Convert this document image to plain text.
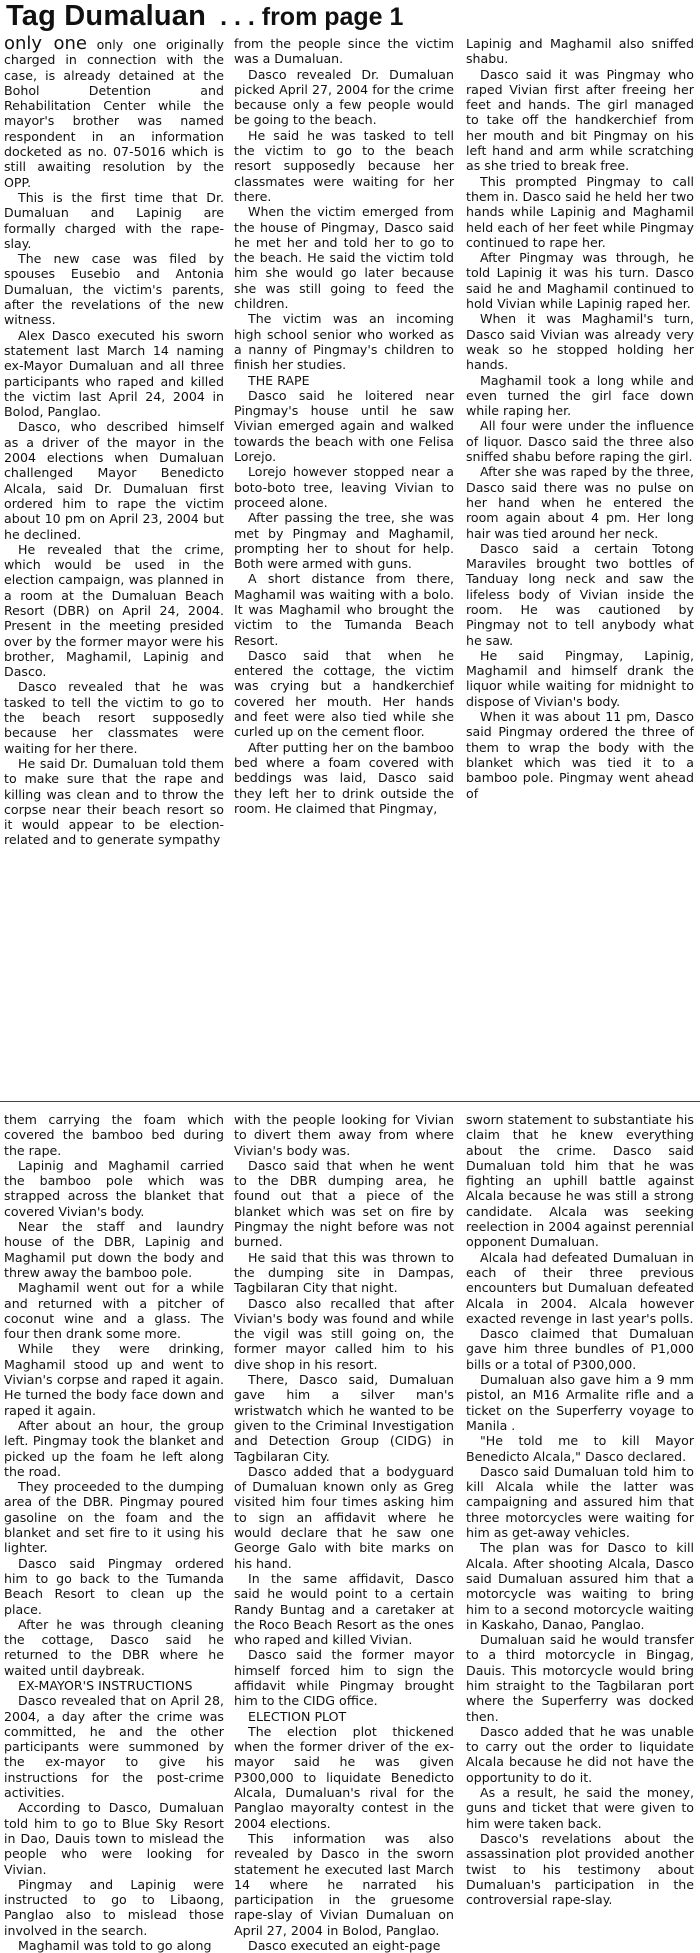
Tag Dumaluan . . . from page 1

only one only one originally charged in connection with the case, is already detained at the Bohol Detention and Rehabilitation Center while the mayor's brother was named respondent in an information docketed as no. 07-5016 which is still awaiting resolution by the OPP.

This is the first time that Dr. Dumaluan and Lapinig are formally charged with the rape-slay.

The new case was filed by spouses Eusebio and Antonia Dumaluan, the victim's parents, after the revelations of the new witness.

Alex Dasco executed his sworn statement last March 14 naming ex-Mayor Dumaluan and all three participants who raped and killed the victim last April 24, 2004 in Bolod, Panglao.

Dasco, who described himself as a driver of the mayor in the 2004 elections when Dumaluan challenged Mayor Benedicto Alcala, said Dr. Dumaluan first ordered him to rape the victim about 10 pm on April 23, 2004 but he declined.

He revealed that the crime, which would be used in the election campaign, was planned in a room at the Dumaluan Beach Resort (DBR) on April 24, 2004. Present in the meeting presided over by the former mayor were his brother, Maghamil, Lapinig and Dasco.

Dasco revealed that he was tasked to tell the victim to go to the beach resort supposedly because her classmates were waiting for her there.

He said Dr. Dumaluan told them to make sure that the rape and killing was clean and to throw the corpse near their beach resort so it would appear to be election-related and to generate sympathy

from the people since the victim was a Dumaluan.

Dasco revealed Dr. Dumaluan picked April 27, 2004 for the crime because only a few people would be going to the beach.

He said he was tasked to tell the victim to go to the beach resort supposedly because her classmates were waiting for her there.

When the victim emerged from the house of Pingmay, Dasco said he met her and told her to go to the beach. He said the victim told him she would go later because she was still going to feed the children.

The victim was an incoming high school senior who worked as a nanny of Pingmay's children to finish her studies.

THE RAPE

Dasco said he loitered near Pingmay's house until he saw Vivian emerged again and walked towards the beach with one Felisa Lorejo.

Lorejo however stopped near a boto-boto tree, leaving Vivian to proceed alone.

After passing the tree, she was met by Pingmay and Maghamil, prompting her to shout for help. Both were armed with guns.

A short distance from there, Maghamil was waiting with a bolo. It was Maghamil who brought the victim to the Tumanda Beach Resort.

Dasco said that when he entered the cottage, the victim was crying but a handkerchief covered her mouth. Her hands and feet were also tied while she curled up on the cement floor.

After putting her on the bamboo bed where a foam covered with beddings was laid, Dasco said they left her to drink outside the room. He claimed that Pingmay,

Lapinig and Maghamil also sniffed shabu.

Dasco said it was Pingmay who raped Vivian first after freeing her feet and hands. The girl managed to take off the handkerchief from her mouth and bit Pingmay on his left hand and arm while scratching as she tried to break free.

This prompted Pingmay to call them in. Dasco said he held her two hands while Lapinig and Maghamil held each of her feet while Pingmay continued to rape her.

After Pingmay was through, he told Lapinig it was his turn. Dasco said he and Maghamil continued to hold Vivian while Lapinig raped her.

When it was Maghamil's turn, Dasco said Vivian was already very weak so he stopped holding her hands.

Maghamil took a long while and even turned the girl face down while raping her.

All four were under the influence of liquor. Dasco said the three also sniffed shabu before raping the girl.

After she was raped by the three, Dasco said there was no pulse on her hand when he entered the room again about 4 pm. Her long hair was tied around her neck.

Dasco said a certain Totong Maraviles brought two bottles of Tanduay long neck and saw the lifeless body of Vivian inside the room. He was cautioned by Pingmay not to tell anybody what he saw.

He said Pingmay, Lapinig, Maghamil and himself drank the liquor while waiting for midnight to dispose of Vivian's body.

When it was about 11 pm, Dasco said Pingmay ordered the three of them to wrap the body with the blanket which was tied it to a bamboo pole. Pingmay went ahead of

them carrying the foam which covered the bamboo bed during the rape.

Lapinig and Maghamil carried the bamboo pole which was strapped across the blanket that covered Vivian's body.

Near the staff and laundry house of the DBR, Lapinig and Maghamil put down the body and threw away the bamboo pole.

Maghamil went out for a while and returned with a pitcher of coconut wine and a glass. The four then drank some more.

While they were drinking, Maghamil stood up and went to Vivian's corpse and raped it again. He turned the body face down and raped it again.

After about an hour, the group left. Pingmay took the blanket and picked up the foam he left along the road.

They proceeded to the dumping area of the DBR. Pingmay poured gasoline on the foam and the blanket and set fire to it using his lighter.

Dasco said Pingmay ordered him to go back to the Tumanda Beach Resort to clean up the place.

After he was through cleaning the cottage, Dasco said he returned to the DBR where he waited until daybreak.

EX-MAYOR'S INSTRUCTIONS

Dasco revealed that on April 28, 2004, a day after the crime was committed, he and the other participants were summoned by the ex-mayor to give his instructions for the post-crime activities.

According to Dasco, Dumaluan told him to go to Blue Sky Resort in Dao, Dauis town to mislead the people who were looking for Vivian.

Pingmay and Lapinig were instructed to go to Libaong, Panglao also to mislead those involved in the search.

Maghamil was told to go along

with the people looking for Vivian to divert them away from where Vivian's body was.

Dasco said that when he went to the DBR dumping area, he found out that a piece of the blanket which was set on fire by Pingmay the night before was not burned.

He said that this was thrown to the dumping site in Dampas, Tagbilaran City that night.

Dasco also recalled that after Vivian's body was found and while the vigil was still going on, the former mayor called him to his dive shop in his resort.

There, Dasco said, Dumaluan gave him a silver man's wristwatch which he wanted to be given to the Criminal Investigation and Detection Group (CIDG) in Tagbilaran City.

Dasco added that a bodyguard of Dumaluan known only as Greg visited him four times asking him to sign an affidavit where he would declare that he saw one George Galo with bite marks on his hand.

In the same affidavit, Dasco said he would point to a certain Randy Buntag and a caretaker at the Roco Beach Resort as the ones who raped and killed Vivian.

Dasco said the former mayor himself forced him to sign the affidavit while Pingmay brought him to the CIDG office.

ELECTION PLOT

The election plot thickened when the former driver of the ex-mayor said he was given P300,000 to liquidate Benedicto Alcala, Dumaluan's rival for the Panglao mayoralty contest in the 2004 elections.

This information was also revealed by Dasco in the sworn statement he executed last March 14 where he narrated his participation in the gruesome rape-slay of Vivian Dumaluan on April 27, 2004 in Bolod, Panglao.

Dasco executed an eight-page

sworn statement to substantiate his claim that he knew everything about the crime. Dasco said Dumaluan told him that he was fighting an uphill battle against Alcala because he was still a strong candidate. Alcala was seeking reelection in 2004 against perennial opponent Dumaluan.

Alcala had defeated Dumaluan in each of their three previous encounters but Dumaluan defeated Alcala in 2004. Alcala however exacted revenge in last year's polls.

Dasco claimed that Dumaluan gave him three bundles of P1,000 bills or a total of P300,000.

Dumaluan also gave him a 9 mm pistol, an M16 Armalite rifle and a ticket on the Superferry voyage to Manila .

"He told me to kill Mayor Benedicto Alcala," Dasco declared.

Dasco said Dumaluan told him to kill Alcala while the latter was campaigning and assured him that three motorcycles were waiting for him as get-away vehicles.

The plan was for Dasco to kill Alcala. After shooting Alcala, Dasco said Dumaluan assured him that a motorcycle was waiting to bring him to a second motorcycle waiting in Kaskaho, Danao, Panglao.

Dumaluan said he would transfer to a third motorcycle in Bingag, Dauis. This motorcycle would bring him straight to the Tagbilaran port where the Superferry was docked then.

Dasco added that he was unable to carry out the order to liquidate Alcala because he did not have the opportunity to do it.

As a result, he said the money, guns and ticket that were given to him were taken back.

Dasco's revelations about the assassination plot provided another twist to his testimony about Dumaluan's participation in the controversial rape-slay.
